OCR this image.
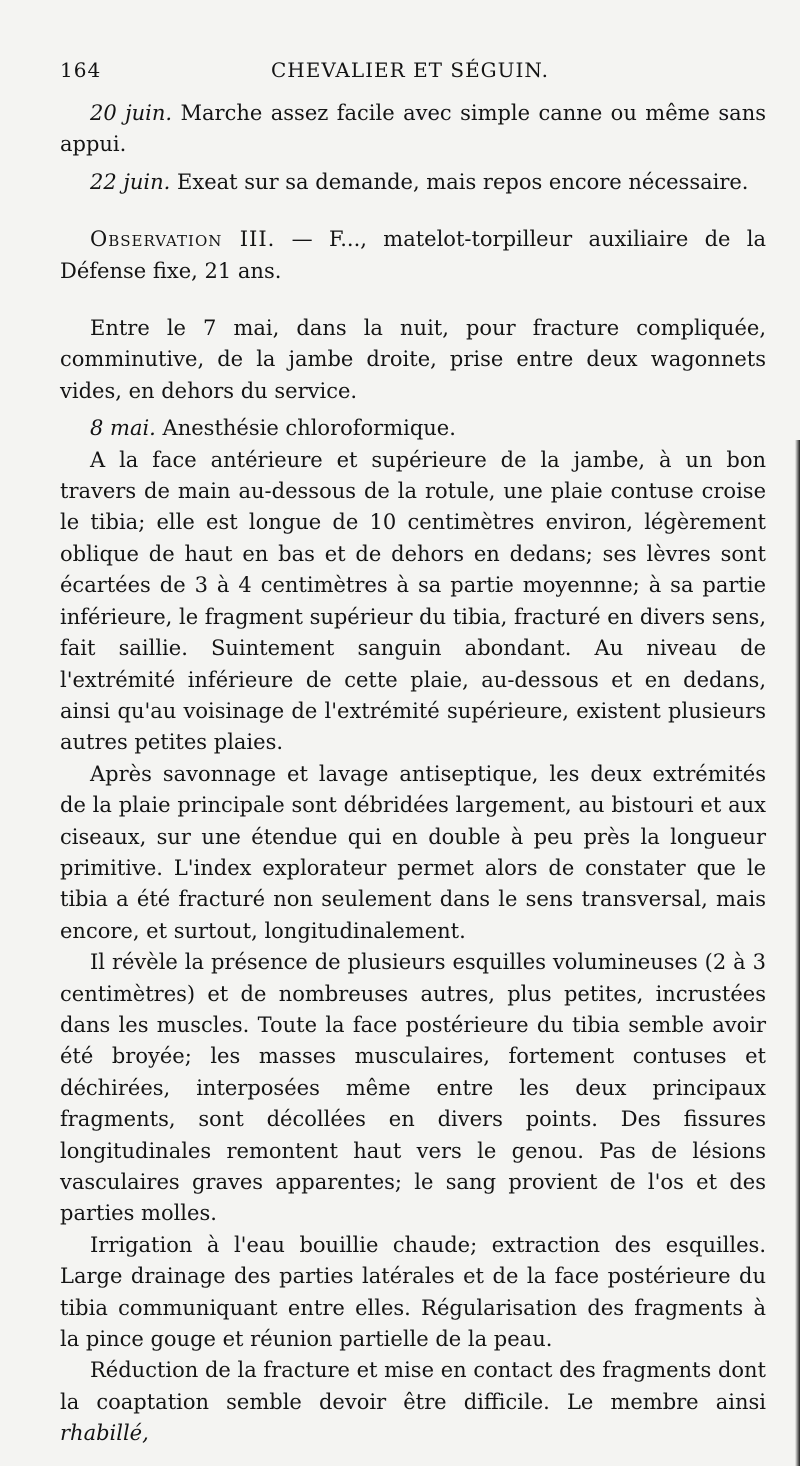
164	CHEVALIER ET SÉGUIN.

20 juin. Marche assez facile avec simple canne ou même sans appui.

22 juin. Exeat sur sa demande, mais repos encore nécessaire.

Observation III. — F..., matelot-torpilleur auxiliaire de la Défense fixe, 21 ans.

Entre le 7 mai, dans la nuit, pour fracture compliquée, comminutive, de la jambe droite, prise entre deux wagonnets vides, en dehors du service.

8 mai. Anesthésie chloroformique.

A la face antérieure et supérieure de la jambe, à un bon travers de main au-dessous de la rotule, une plaie contuse croise le tibia; elle est longue de 10 centimètres environ, légèrement oblique de haut en bas et de dehors en dedans; ses lèvres sont écartées de 3 à 4 centimètres à sa partie moyennne; à sa partie inférieure, le fragment supérieur du tibia, fracturé en divers sens, fait saillie. Suintement sanguin abondant. Au niveau de l'extrémité inférieure de cette plaie, au-dessous et en dedans, ainsi qu'au voisinage de l'extrémité supérieure, existent plusieurs autres petites plaies.

Après savonnage et lavage antiseptique, les deux extrémités de la plaie principale sont débridées largement, au bistouri et aux ciseaux, sur une étendue qui en double à peu près la longueur primitive. L'index explorateur permet alors de constater que le tibia a été fracturé non seulement dans le sens transversal, mais encore, et surtout, longitudinalement.

Il révèle la présence de plusieurs esquilles volumineuses (2 à 3 centimètres) et de nombreuses autres, plus petites, incrustées dans les muscles. Toute la face postérieure du tibia semble avoir été broyée; les masses musculaires, fortement contuses et déchirées, interposées même entre les deux principaux fragments, sont décollées en divers points. Des fissures longitudinales remontent haut vers le genou. Pas de lésions vasculaires graves apparentes; le sang provient de l'os et des parties molles.

Irrigation à l'eau bouillie chaude; extraction des esquilles. Large drainage des parties latérales et de la face postérieure du tibia communiquant entre elles. Régularisation des fragments à la pince gouge et réunion partielle de la peau.

Réduction de la fracture et mise en contact des fragments dont la coaptation semble devoir être difficile. Le membre ainsi rhabillé,
